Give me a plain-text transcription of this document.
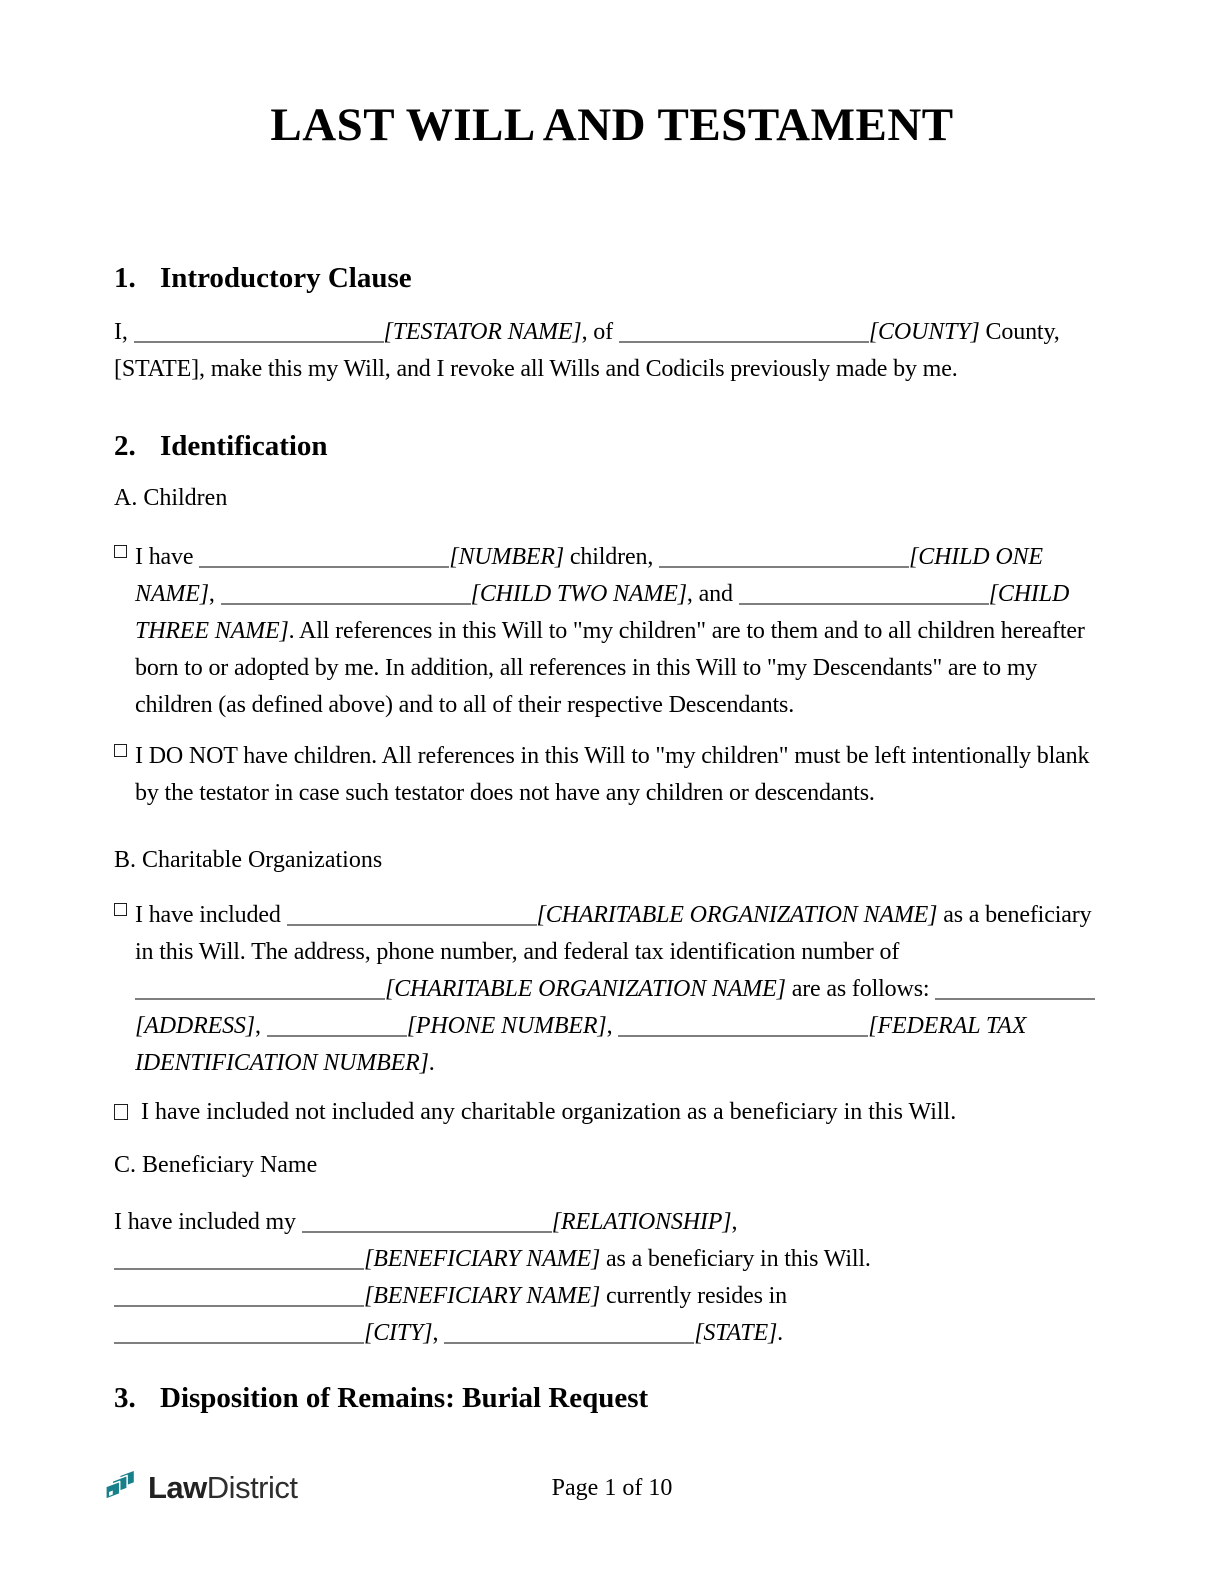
LAST WILL AND TESTAMENT
1. Introductory Clause
I,	[TESTATOR NAME], of	[COUNTY] County,
[STATE], make this my Will, and I revoke all Wills and Codicils previously made by me.
2. Identification

A. Children

I have	[NUMBER] children,	[CHILD ONE
NAME],	[CHILD TWO NAME], and	[CHILD
THREE NAME]. All references in this Will to "my children" are to them and to all children hereafter
born to or adopted by me. In addition, all references in this Will to "my Descendants" are to my
children (as defined above) and to all of their respective Descendants.
I DO NOT have children. All references in this Will to "my children" must be left intentionally blank
by the testator in case such testator does not have any children or descendants.

B. Charitable Organizations

I have included	[CHARITABLE ORGANIZATION NAME] as a beneficiary
in this Will. The address, phone number, and federal tax identification number of
[CHARITABLE ORGANIZATION NAME] are as follows:
[ADDRESS],	[PHONE NUMBER],	[FEDERAL TAX
IDENTIFICATION NUMBER].

I have included not included any charitable organization as a beneficiary in this Will.

C. Beneficiary Name

I have included my	[RELATIONSHIP],
[BENEFICIARY NAME] as a beneficiary in this Will.
[BENEFICIARY NAME] currently resides in
[CITY],	[STATE].
3. Disposition of Remains: Burial Request
Law District	Page 1 of 10
